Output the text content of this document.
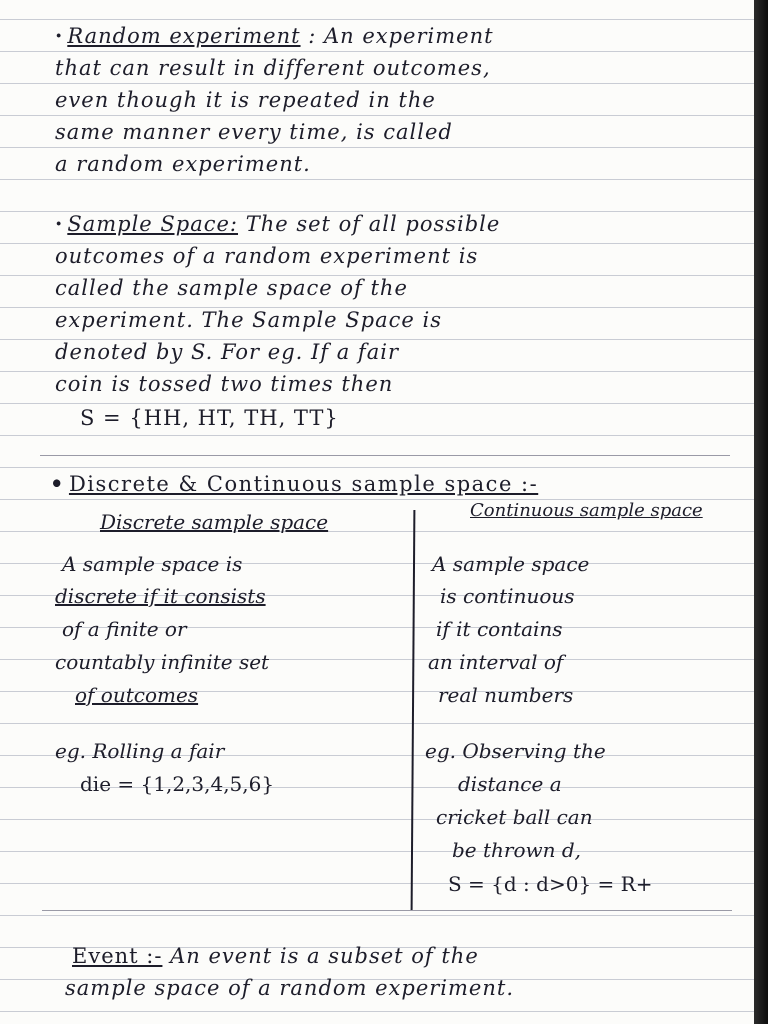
· Random experiment : An experiment
that can result in different outcomes,
even though it is repeated in the
same manner every time, is called
a random experiment.
· Sample Space: The set of all possible
outcomes of a random experiment is
called the sample space of the
experiment. The Sample Space is
denoted by S. For eg. If a fair
coin is tossed two times then
S = {HH, HT, TH, TT}
• Discrete & Continuous sample space :-
Discrete sample space	Continuous sample space
A sample space is
discrete if it consists
of a finite or
countably infinite set
of outcomes
eg. Rolling a fair
die = {1,2,3,4,5,6}
A sample space
is continuous
if it contains
an interval of
real numbers
eg. Observing the
distance a
cricket ball can
be thrown d,
S = {d : d>0} = R+
Event :- An event is a subset of the
sample space of a random experiment.
